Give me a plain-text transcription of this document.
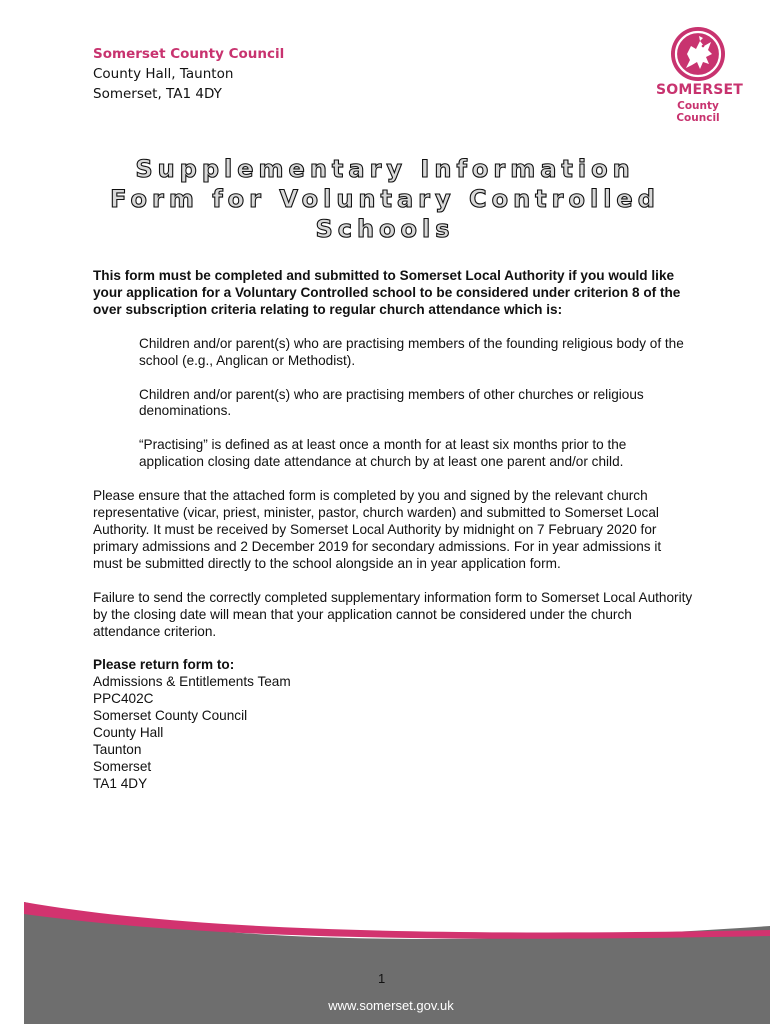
Somerset County Council
County Hall, Taunton
Somerset, TA1 4DY	SOMERSET
County Council
Supplementary Information
Form for Voluntary Controlled
Schools

This form must be completed and submitted to Somerset Local Authority if you would like your application for a Voluntary Controlled school to be considered under criterion 8 of the over subscription criteria relating to regular church attendance which is:

Children and/or parent(s) who are practising members of the founding religious body of the school (e.g., Anglican or Methodist).

Children and/or parent(s) who are practising members of other churches or religious denominations.

“Practising” is defined as at least once a month for at least six months prior to the application closing date attendance at church by at least one parent and/or child.

Please ensure that the attached form is completed by you and signed by the relevant church representative (vicar, priest, minister, pastor, church warden) and submitted to Somerset Local Authority. It must be received by Somerset Local Authority by midnight on 7 February 2020 for primary admissions and 2 December 2019 for secondary admissions. For in year admissions it must be submitted directly to the school alongside an in year application form.

Failure to send the correctly completed supplementary information form to Somerset Local Authority by the closing date will mean that your application cannot be considered under the church attendance criterion.

Please return form to:

Admissions & Entitlements Team
PPC402C
Somerset County Council
County Hall
Taunton
Somerset
TA1 4DY
1
www.somerset.gov.uk
